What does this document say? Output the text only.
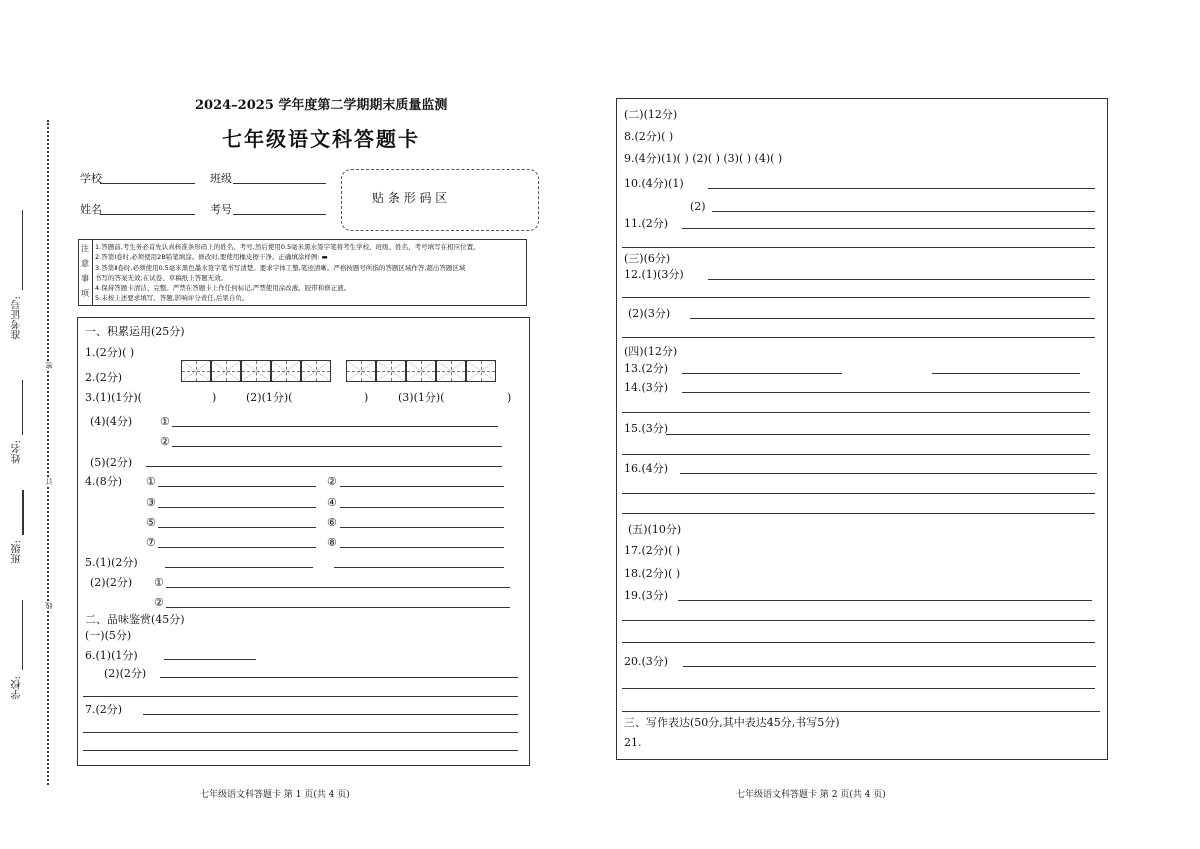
准考证号:
姓名:
班级:
学校:
密
订
线
2024–2025 学年度第二学期期末质量监测
七年级语文科答题卡
学校	班级
姓名	考号
贴 条 形 码 区
注
意
事
项
1.答题前,考生务必首先认真核准条形码上的姓名、考号,然后使用0.5毫米黑水签字笔将考生学校、班级、姓名、考号填写在相应位置。
2.答第Ⅰ卷时,必须使用2B铅笔填涂。修改时,要使用橡皮擦干净。正确填涂样例: ▬
3.答第Ⅱ卷时,必须使用0.5毫米黑色墨水签字笔书写清楚。要求字体工整,笔迹清晰。严格按题号所指的答题区域作答,超出答题区域
书写的答案无效;在试卷、草稿纸上答题无效。
4.保持答题卡清洁、完整。严禁在答题卡上作任何标记,严禁使用涂改液、胶带和修正液。
5.未按上述要求填写、答题,影响评分责任,后果自负。
一、积累运用(25分)
1.(2分)( )
2.(2分)
3.(1)(1分)(	)	(2)(1分)(	)	(3)(1分)(	)
(4)(4分)	①
②
(5)(2分)
4.(8分) ①	②
③	④
⑤	⑥
⑦	⑧
5.(1)(2分)
(2)(2分) ①
②
二、品味鉴赏(45分)
(一)(5分)
6.(1)(1分)
(2)(2分)
7.(2分)
七年级语文科答题卡 第 1 页(共 4 页)
(二)(12分)
8.(2分)( )
9.(4分)(1)( ) (2)( ) (3)( ) (4)( )
10.(4分)(1)
(2)
11.(2分)
(三)(6分)
12.(1)(3分)
(2)(3分)
(四)(12分)
13.(2分)
14.(3分)
15.(3分)
16.(4分)
(五)(10分)
17.(2分)( )
18.(2分)( )
19.(3分)
20.(3分)
三、写作表达(50分,其中表达45分,书写5分)
21.
七年级语文科答题卡 第 2 页(共 4 页)
